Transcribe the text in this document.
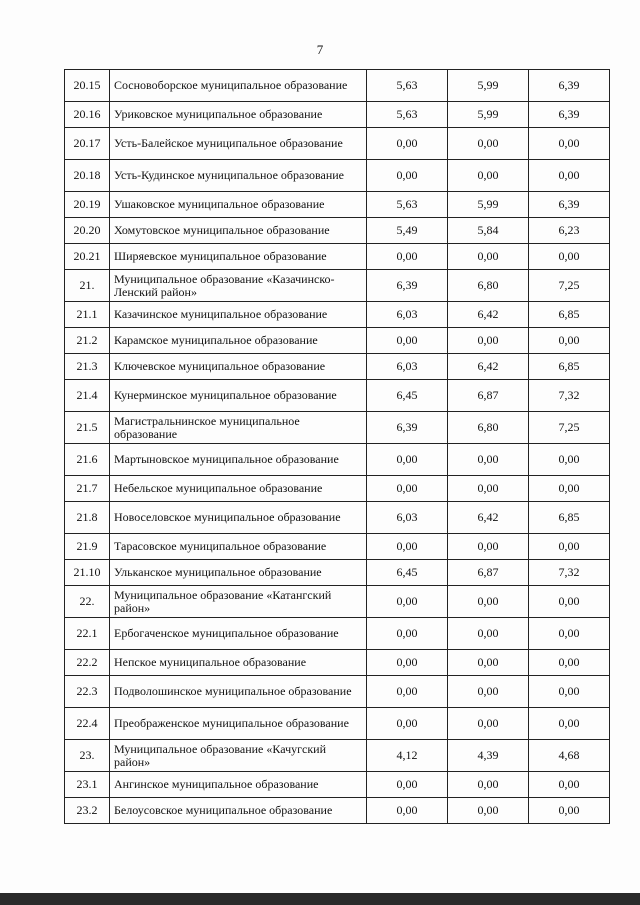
7
20.15	Сосновоборское муниципальное образование	5,63	5,99	6,39
20.16	Уриковское муниципальное образование	5,63	5,99	6,39
20.17	Усть-Балейское муниципальное образование	0,00	0,00	0,00
20.18	Усть-Кудинское муниципальное образование	0,00	0,00	0,00
20.19	Ушаковское муниципальное образование	5,63	5,99	6,39
20.20	Хомутовское муниципальное образование	5,49	5,84	6,23
20.21	Ширяевское муниципальное образование	0,00	0,00	0,00
21.	Муниципальное образование «Казачинско-Ленский район»	6,39	6,80	7,25
21.1	Казачинское муниципальное образование	6,03	6,42	6,85
21.2	Карамское муниципальное образование	0,00	0,00	0,00
21.3	Ключевское муниципальное образование	6,03	6,42	6,85
21.4	Кунерминское муниципальное образование	6,45	6,87	7,32
21.5	Магистральнинское муниципальное образование	6,39	6,80	7,25
21.6	Мартыновское муниципальное образование	0,00	0,00	0,00
21.7	Небельское муниципальное образование	0,00	0,00	0,00
21.8	Новоселовское муниципальное образование	6,03	6,42	6,85
21.9	Тарасовское муниципальное образование	0,00	0,00	0,00
21.10	Ульканское муниципальное образование	6,45	6,87	7,32
22.	Муниципальное образование «Катангский район»	0,00	0,00	0,00
22.1	Ербогаченское муниципальное образование	0,00	0,00	0,00
22.2	Непское муниципальное образование	0,00	0,00	0,00
22.3	Подволошинское муниципальное образование	0,00	0,00	0,00
22.4	Преображенское муниципальное образование	0,00	0,00	0,00
23.	Муниципальное образование «Качугский район»	4,12	4,39	4,68
23.1	Ангинское муниципальное образование	0,00	0,00	0,00
23.2	Белоусовское муниципальное образование	0,00	0,00	0,00
